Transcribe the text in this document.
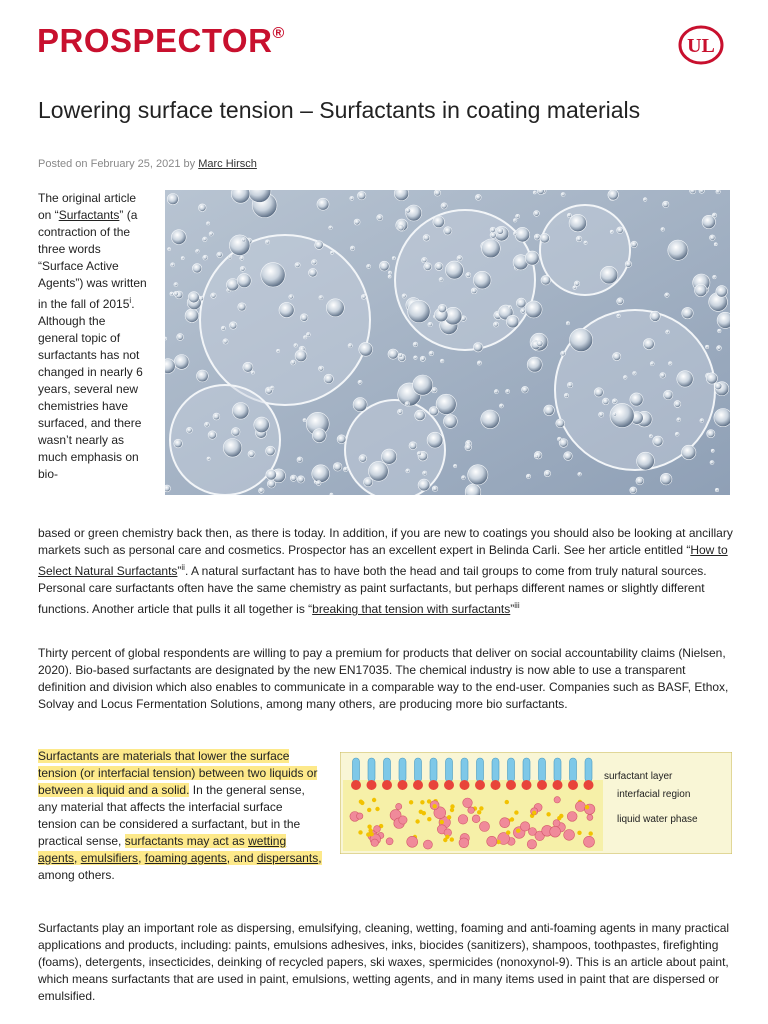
PROSPECTOR®
UL
Lowering surface tension – Surfactants in coating materials
Posted on February 25, 2021 by Marc Hirsch
The original article on “Surfactants” (a contraction of the three words “Surface Active Agents”) was written in the fall of 2015$^i$. Although the general topic of surfactants has not changed in nearly 6 years, several new chemistries have surfaced, and there wasn’t nearly as much emphasis on bio-
based or green chemistry back then, as there is today. In addition, if you are new to coatings you should also be looking at ancillary markets such as personal care and cosmetics. Prospector has an excellent expert in Belinda Carli. See her article entitled “How to Select Natural Surfactants”$^{ii}$. A natural surfactant has to have both the head and tail groups to come from truly natural sources. Personal care surfactants often have the same chemistry as paint surfactants, but perhaps different names or slightly different functions. Another article that pulls it all together is “breaking that tension with surfactants”$^{iii}$

Thirty percent of global respondents are willing to pay a premium for products that deliver on social accountability claims (Nielsen, 2020). Bio-based surfactants are designated by the new EN17035. The chemical industry is now able to use a transparent definition and division which also enables to communicate in a comparable way to the end-user. Companies such as BASF, Ethox, Solvay and Locus Fermentation Solutions, among many others, are producing more bio surfactants.

Surfactants are materials that lower the surface tension (or interfacial tension) between two liquids or between a liquid and a solid. In the general sense, any material that affects the interfacial surface tension can be considered a surfactant, but in the practical sense, surfactants may act as wetting agents, emulsifiers, foaming agents, and dispersants, among others.
surfactant layer
interfacial region
liquid water phase

Surfactants play an important role as dispersing, emulsifying, cleaning, wetting, foaming and anti-foaming agents in many practical applications and products, including: paints, emulsions adhesives, inks, biocides (sanitizers), shampoos, toothpastes, firefighting (foams), detergents, insecticides, deinking of recycled papers, ski waxes, spermicides (nonoxynol-9). This is an article about paint, which means surfactants that are used in paint, emulsions, wetting agents, and in many items used in paint that are dispersed or emulsified.
